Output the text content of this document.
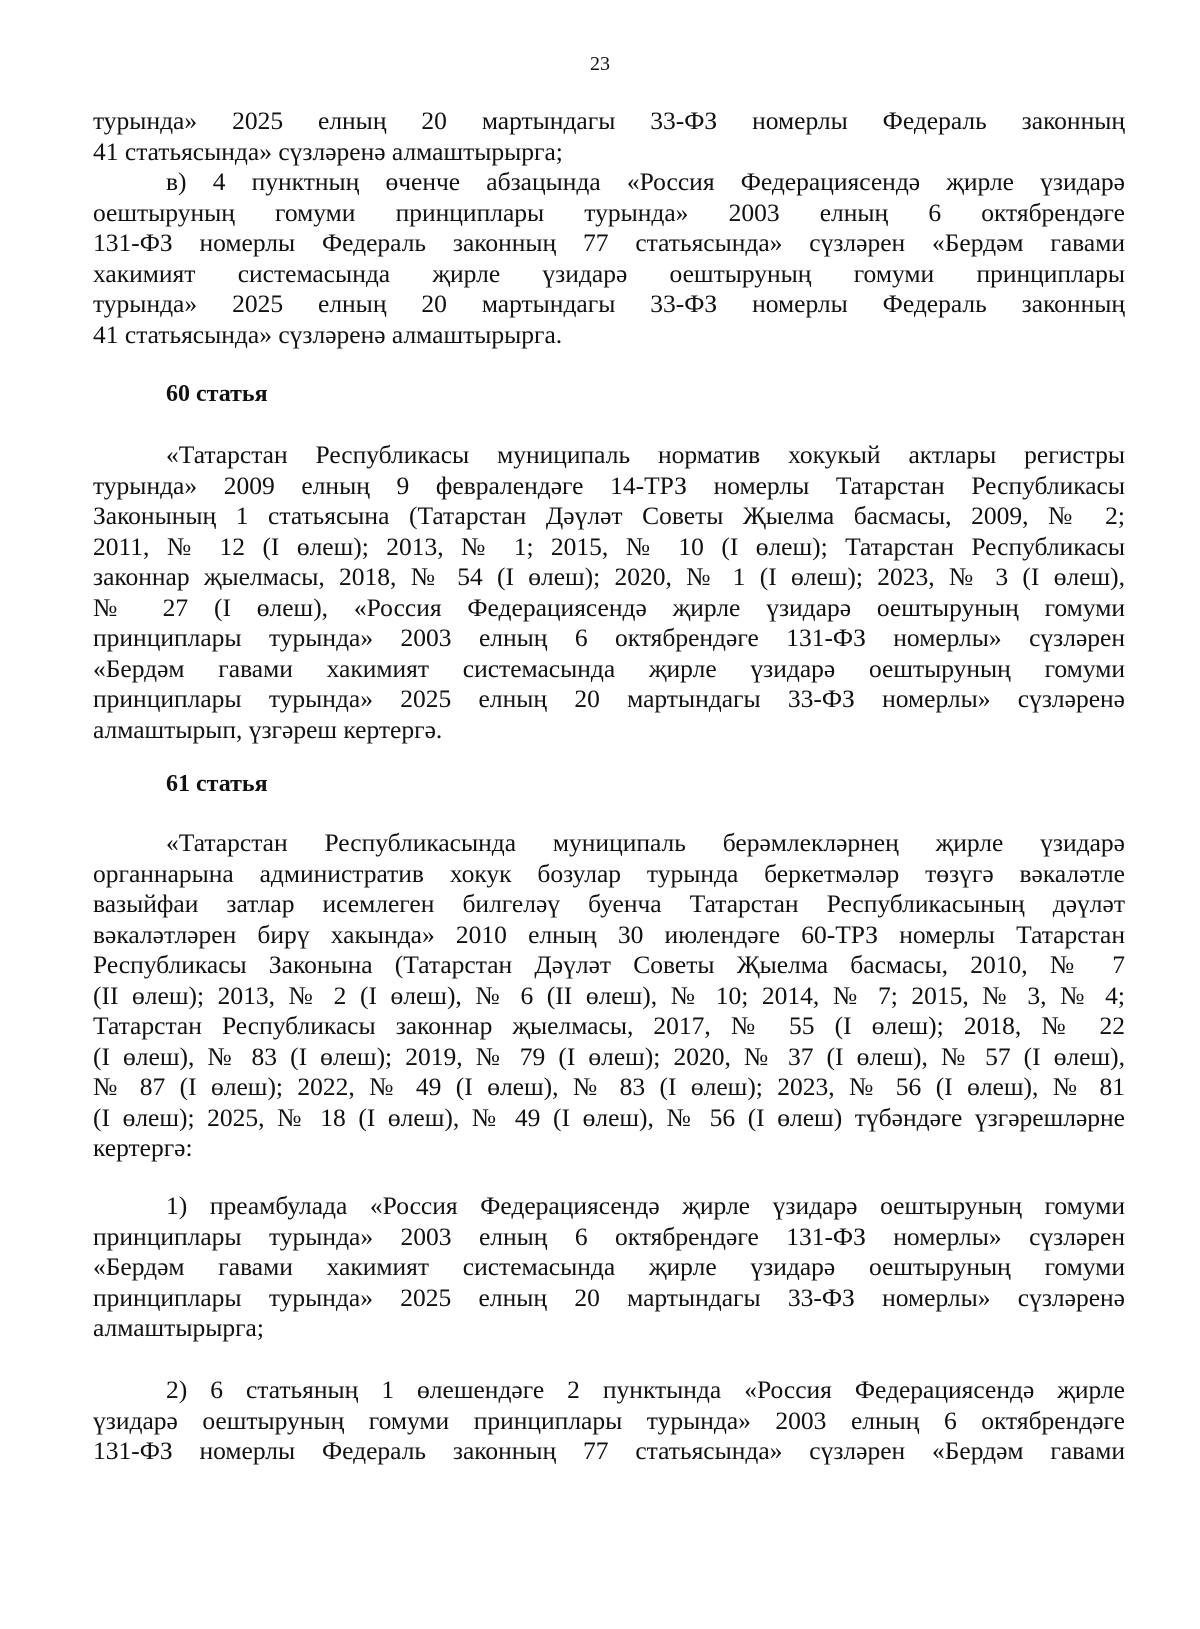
23
турында» 2025 елның 20 мартындагы 33-ФЗ номерлы Федераль законның
41 статьясында» сүзләренә алмаштырырга;
в) 4 пунктның өченче абзацында «Россия Федерациясендә җирле үзидарә
оештыруның гомуми принциплары турында» 2003 елның 6 октябрендәге
131-ФЗ номерлы Федераль законның 77 статьясында» сүзләрен «Бердәм гавами
хакимият системасында җирле үзидарә оештыруның гомуми принциплары
турында» 2025 елның 20 мартындагы 33-ФЗ номерлы Федераль законның
41 статьясында» сүзләренә алмаштырырга.
60 статья
«Татарстан Республикасы муниципаль норматив хокукый актлары регистры
турында» 2009 елның 9 февралендәге 14-ТРЗ номерлы Татарстан Республикасы
Законының 1 статьясына (Татарстан Дәүләт Советы Җыелма басмасы, 2009, № 2;
2011, № 12 (I өлеш); 2013, № 1; 2015, № 10 (I өлеш); Татарстан Республикасы
законнар җыелмасы, 2018, № 54 (I өлеш); 2020, № 1 (I өлеш); 2023, № 3 (I өлеш),
№ 27 (I өлеш), «Россия Федерациясендә җирле үзидарә оештыруның гомуми
принциплары турында» 2003 елның 6 октябрендәге 131-ФЗ номерлы» сүзләрен
«Бердәм гавами хакимият системасында җирле үзидарә оештыруның гомуми
принциплары турында» 2025 елның 20 мартындагы 33-ФЗ номерлы» сүзләренә
алмаштырып, үзгәреш кертергә.
61 статья
«Татарстан Республикасында муниципаль берәмлекләрнең җирле үзидарә
органнарына административ хокук бозулар турында беркетмәләр төзүгә вәкаләтле
вазыйфаи затлар исемлеген билгеләү буенча Татарстан Республикасының дәүләт
вәкаләтләрен бирү хакында» 2010 елның 30 июлендәге 60-ТРЗ номерлы Татарстан
Республикасы Законына (Татарстан Дәүләт Советы Җыелма басмасы, 2010, № 7
(II өлеш); 2013, № 2 (I өлеш), № 6 (II өлеш), № 10; 2014, № 7; 2015, № 3, № 4;
Татарстан Республикасы законнар җыелмасы, 2017, № 55 (I өлеш); 2018, № 22
(I өлеш), № 83 (I өлеш); 2019, № 79 (I өлеш); 2020, № 37 (I өлеш), № 57 (I өлеш),
№ 87 (I өлеш); 2022, № 49 (I өлеш), № 83 (I өлеш); 2023, № 56 (I өлеш), № 81
(I өлеш); 2025, № 18 (I өлеш), № 49 (I өлеш), № 56 (I өлеш) түбәндәге үзгәрешләрне
кертергә:
1) преамбулада «Россия Федерациясендә җирле үзидарә оештыруның гомуми
принциплары турында» 2003 елның 6 октябрендәге 131-ФЗ номерлы» сүзләрен
«Бердәм гавами хакимият системасында җирле үзидарә оештыруның гомуми
принциплары турында» 2025 елның 20 мартындагы 33-ФЗ номерлы» сүзләренә
алмаштырырга;
2) 6 статьяның 1 өлешендәге 2 пунктында «Россия Федерациясендә җирле
үзидарә оештыруның гомуми принциплары турында» 2003 елның 6 октябрендәге
131-ФЗ номерлы Федераль законның 77 статьясында» сүзләрен «Бердәм гавами
